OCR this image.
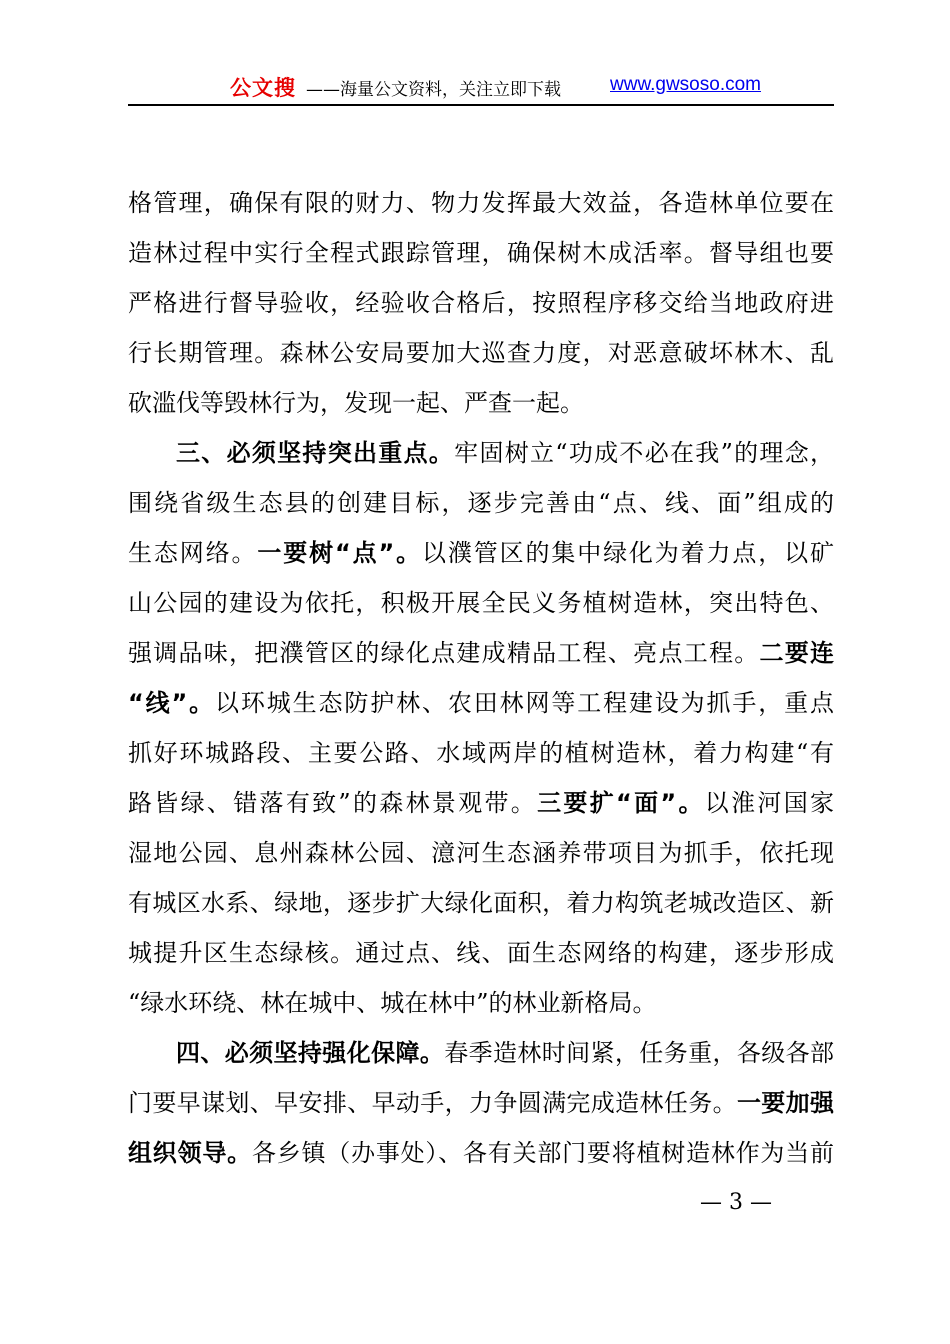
公文搜 ——海量公文资料，关注立即下载	www.gwsoso.com
格管理，确保有限的财力、物力发挥最大效益，各造林单位要在
造林过程中实行全程式跟踪管理，确保树木成活率。督导组也要
严格进行督导验收，经验收合格后，按照程序移交给当地政府进
行长期管理。森林公安局要加大巡查力度，对恶意破坏林木、乱
砍滥伐等毁林行为，发现一起、严查一起。
三、必须坚持突出重点。牢固树立“功成不必在我”的理念，
围绕省级生态县的创建目标，逐步完善由“点、线、面”组成的
生态网络。一要树“点”。以濮管区的集中绿化为着力点，以矿
山公园的建设为依托，积极开展全民义务植树造林，突出特色、
强调品味，把濮管区的绿化点建成精品工程、亮点工程。二要连
“线”。以环城生态防护林、农田林网等工程建设为抓手，重点
抓好环城路段、主要公路、水域两岸的植树造林，着力构建“有
路皆绿、错落有致”的森林景观带。三要扩“面”。以淮河国家
湿地公园、息州森林公园、澺河生态涵养带项目为抓手，依托现
有城区水系、绿地，逐步扩大绿化面积，着力构筑老城改造区、新
城提升区生态绿核。通过点、线、面生态网络的构建，逐步形成
“绿水环绕、林在城中、城在林中”的林业新格局。
四、必须坚持强化保障。春季造林时间紧，任务重，各级各部
门要早谋划、早安排、早动手，力争圆满完成造林任务。一要加强
组织领导。各乡镇（办事处）、各有关部门要将植树造林作为当前
— 3 —
